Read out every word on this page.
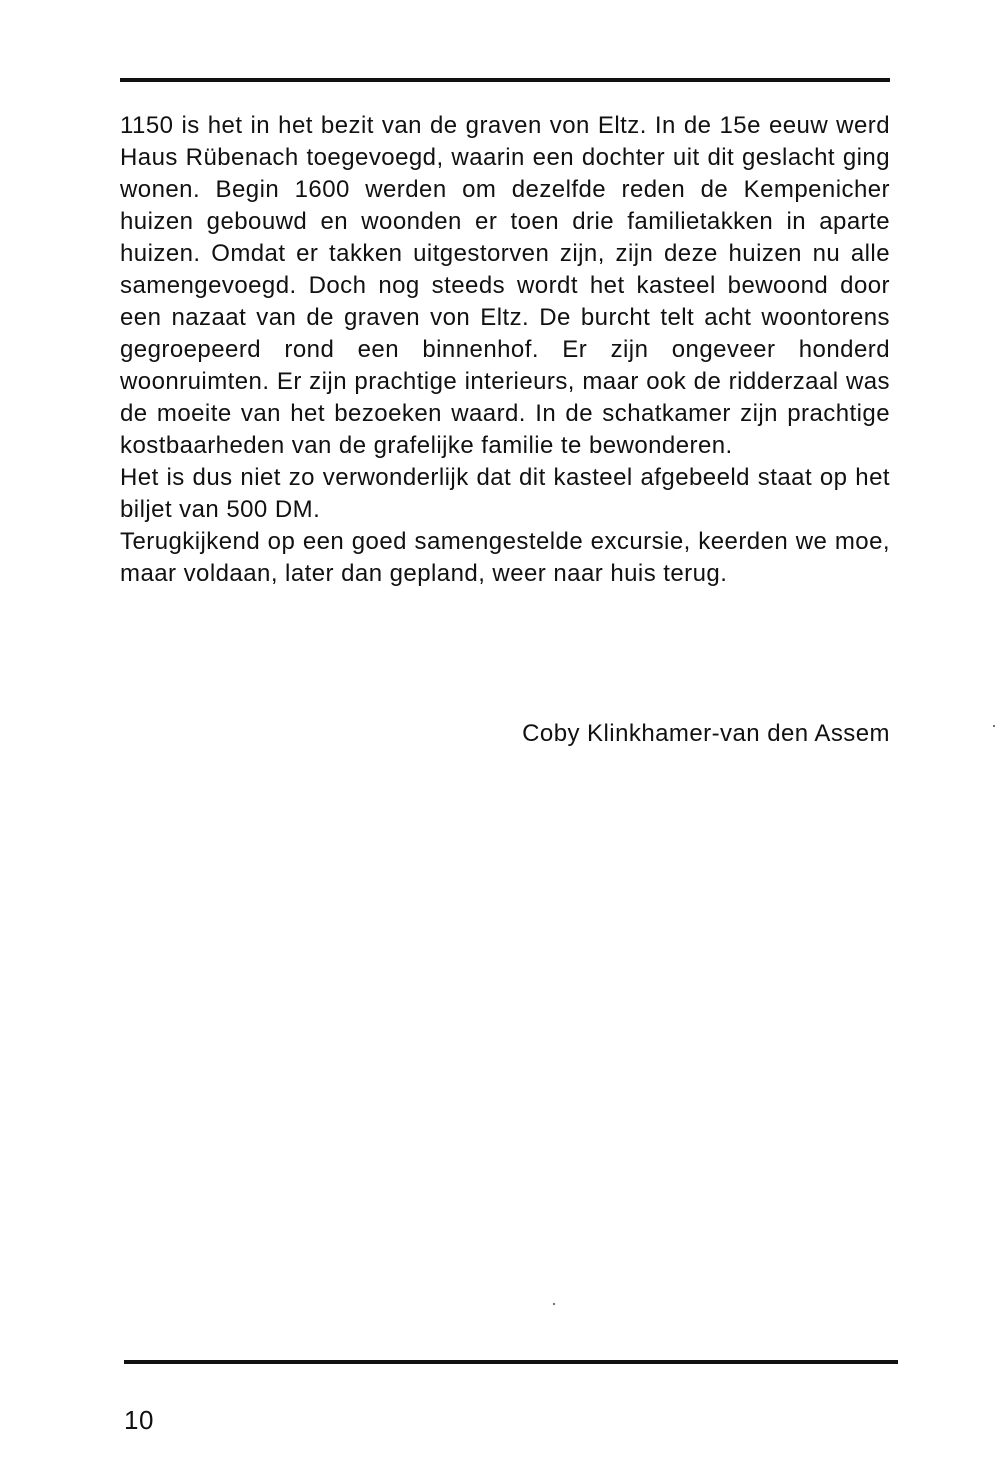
1150 is het in het bezit van de graven von Eltz. In de 15e eeuw werd Haus Rübenach toegevoegd, waarin een dochter uit dit geslacht ging wonen. Begin 1600 werden om dezelfde reden de Kempenicher huizen gebouwd en woonden er toen drie familietakken in aparte huizen. Omdat er takken uitgestorven zijn, zijn deze huizen nu alle samengevoegd. Doch nog steeds wordt het kasteel bewoond door een nazaat van de graven von Eltz. De burcht telt acht woontorens gegroepeerd rond een binnenhof. Er zijn ongeveer honderd woonruimten. Er zijn prachtige interieurs, maar ook de ridderzaal was de moeite van het bezoeken waard. In de schatkamer zijn prachtige kostbaarheden van de grafelijke familie te bewonderen.

Het is dus niet zo verwonderlijk dat dit kasteel afgebeeld staat op het biljet van 500 DM.

Terugkijkend op een goed samengestelde excursie, keerden we moe, maar voldaan, later dan gepland, weer naar huis terug.

Coby Klinkhamer-van den Assem
10
